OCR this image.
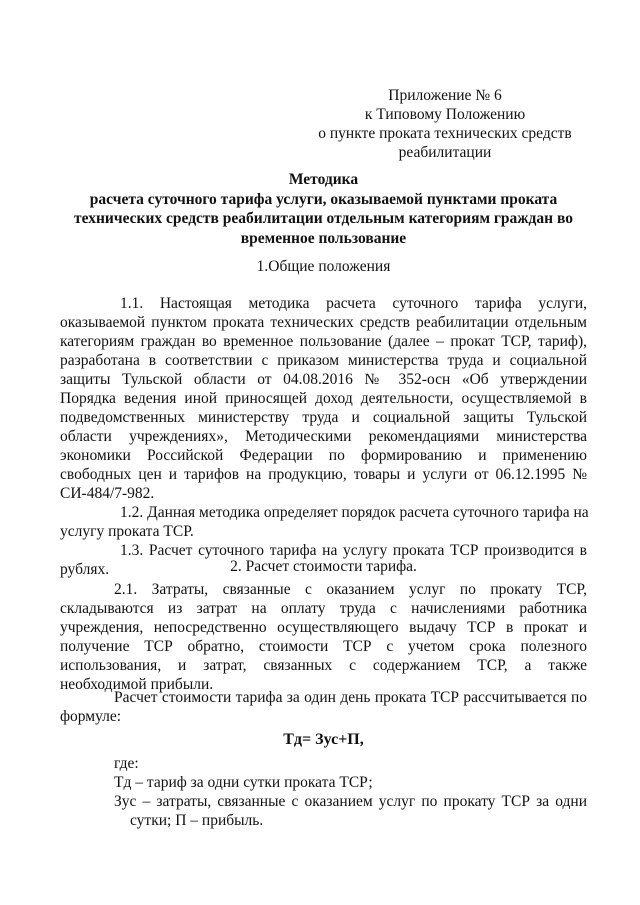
Приложение № 6
к Типовому Положению
о пункте проката технических средств
реабилитации
Методика
расчета суточного тарифа услуги, оказываемой пунктами проката
технических средств реабилитации отдельным категориям граждан во
временное пользование
1.Общие положения
1.1. Настоящая методика расчета суточного тарифа услуги,
оказываемой пунктом проката технических средств реабилитации отдельным
категориям граждан во временное пользование (далее – прокат ТСР, тариф),
разработана в соответствии с приказом министерства труда и социальной
защиты Тульской области от 04.08.2016 № 352-осн «Об утверждении
Порядка ведения иной приносящей доход деятельности, осуществляемой в
подведомственных министерству труда и социальной защиты Тульской
области учреждениях», Методическими рекомендациями министерства
экономики Российской Федерации по формированию и применению
свободных цен и тарифов на продукцию, товары и услуги от 06.12.1995 №
СИ-484/7-982.
1.2. Данная методика определяет порядок расчета суточного тарифа на
услугу проката ТСР.
1.3. Расчет суточного тарифа на услугу проката ТСР производится в
рублях.	2. Расчет стоимости тарифа.
2.1. Затраты, связанные с оказанием услуг по прокату ТСР,
складываются из затрат на оплату труда с начислениями работника
учреждения, непосредственно осуществляющего выдачу ТСР в прокат и
получение ТСР обратно, стоимости ТСР с учетом срока полезного
использования, и затрат, связанных с содержанием ТСР, а также
необходимой прибыли.
Расчет стоимости тарифа за один день проката ТСР рассчитывается по
формуле:
Тд= Зус+П,
где:
Тд – тариф за одни сутки проката ТСР;
Зус – затраты, связанные с оказанием услуг по прокату ТСР за одни
сутки; П – прибыль.
